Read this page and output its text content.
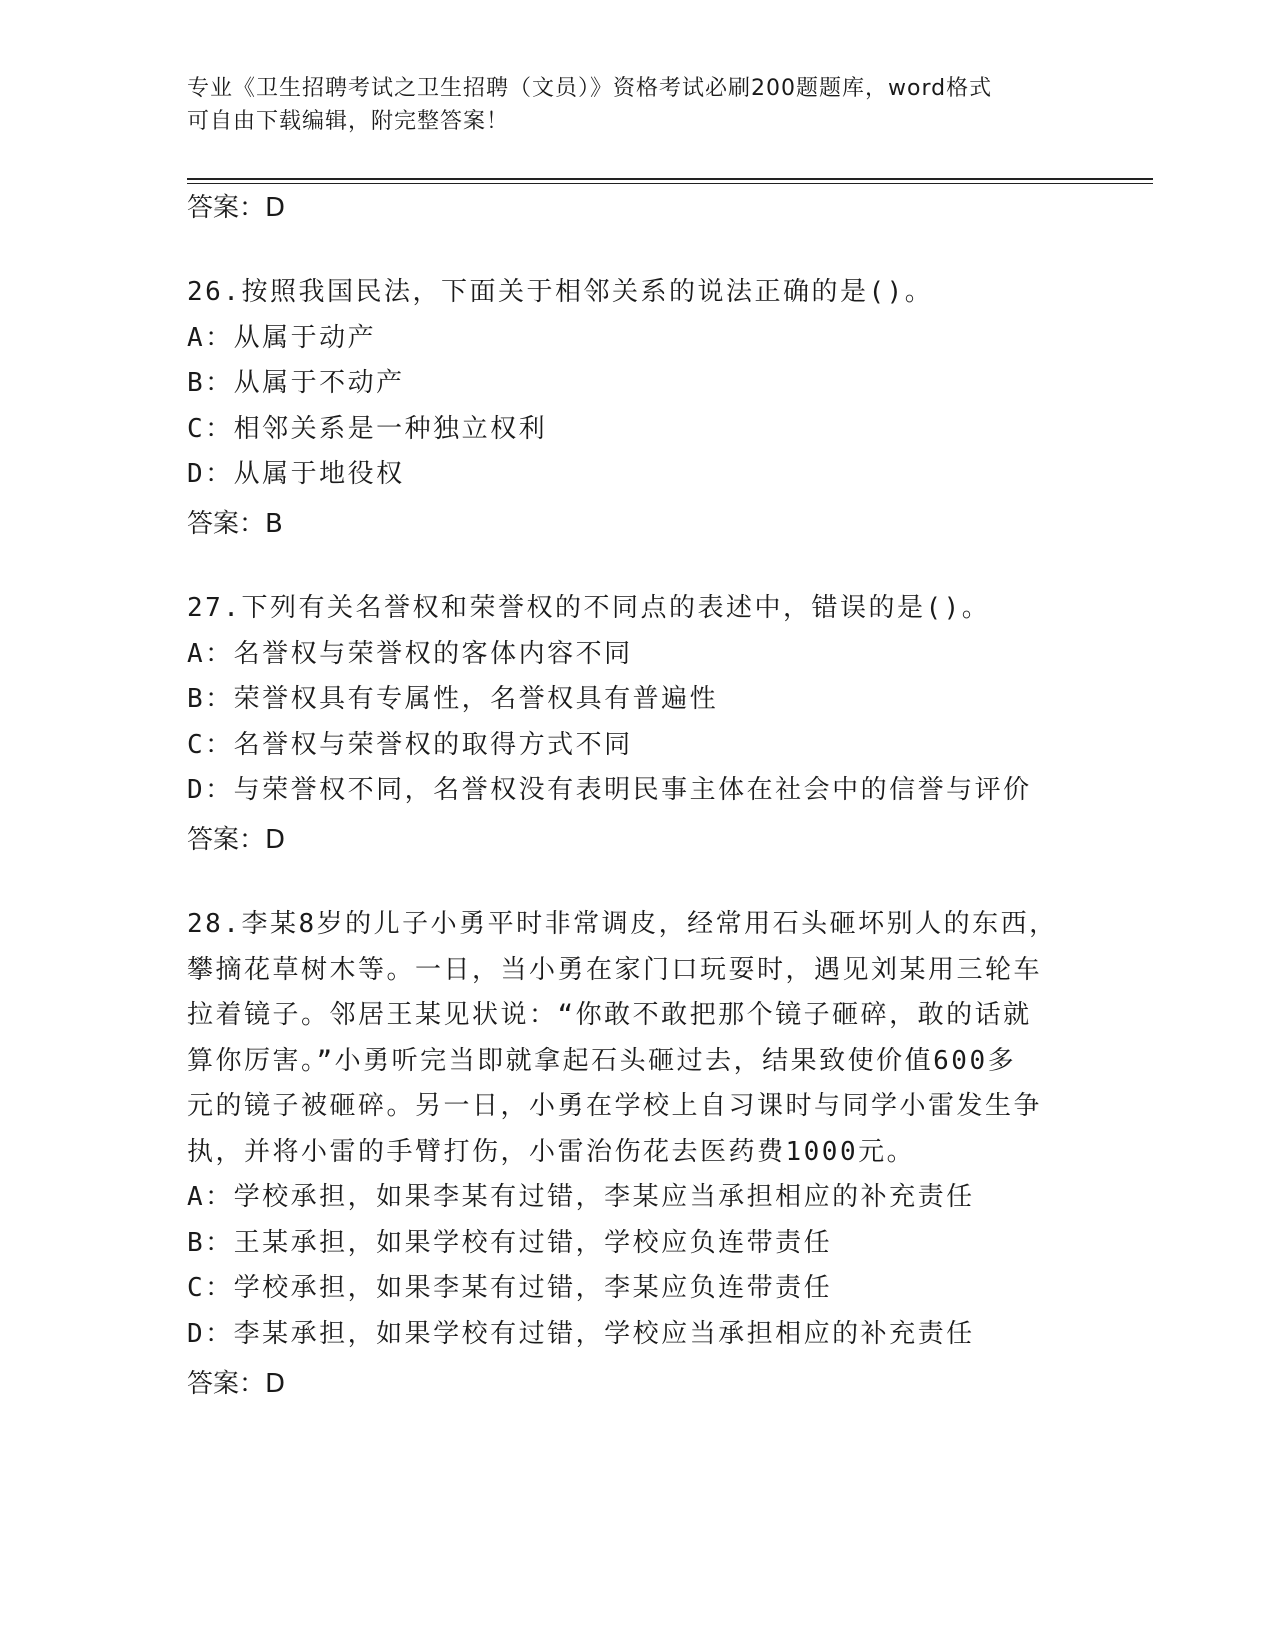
专业《卫生招聘考试之卫生招聘（文员）》资格考试必刷200题题库，word格式
可自由下载编辑，附完整答案！
答案：D
26.按照我国民法，下面关于相邻关系的说法正确的是()。
A：从属于动产
B：从属于不动产
C：相邻关系是一种独立权利
D：从属于地役权
答案：B
27.下列有关名誉权和荣誉权的不同点的表述中，错误的是()。
A：名誉权与荣誉权的客体内容不同
B：荣誉权具有专属性，名誉权具有普遍性
C：名誉权与荣誉权的取得方式不同
D：与荣誉权不同，名誉权没有表明民事主体在社会中的信誉与评价
答案：D
28.李某8岁的儿子小勇平时非常调皮，经常用石头砸坏别人的东西，
攀摘花草树木等。一日，当小勇在家门口玩耍时，遇见刘某用三轮车
拉着镜子。邻居王某见状说：“你敢不敢把那个镜子砸碎，敢的话就
算你厉害。”小勇听完当即就拿起石头砸过去，结果致使价值600多
元的镜子被砸碎。另一日，小勇在学校上自习课时与同学小雷发生争
执，并将小雷的手臂打伤，小雷治伤花去医药费1000元。
A：学校承担，如果李某有过错，李某应当承担相应的补充责任
B：王某承担，如果学校有过错，学校应负连带责任
C：学校承担，如果李某有过错，李某应负连带责任
D：李某承担，如果学校有过错，学校应当承担相应的补充责任
答案：D
